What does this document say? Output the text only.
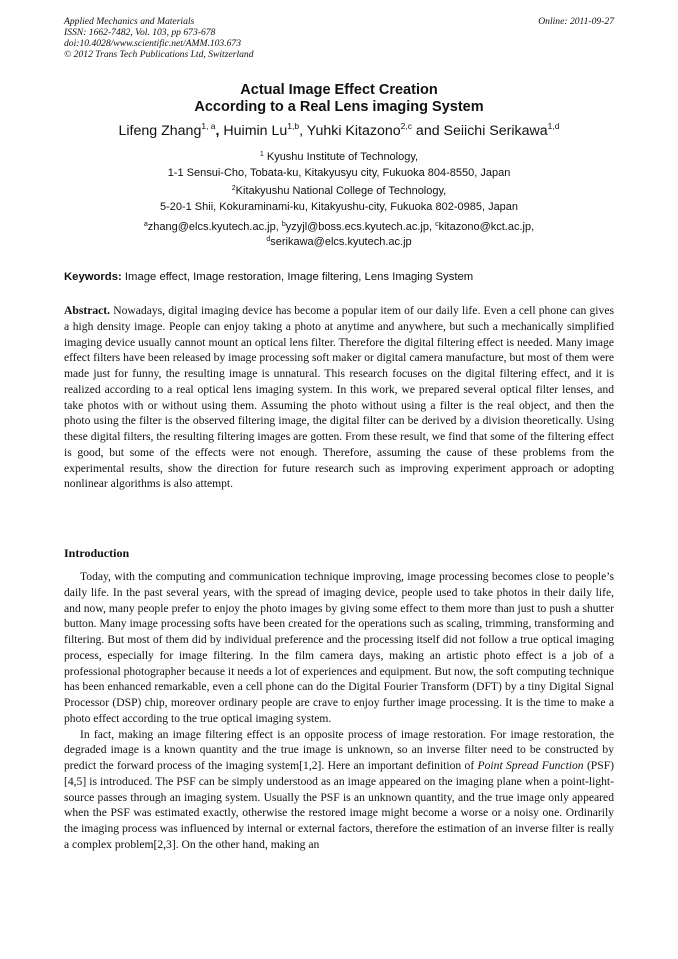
Applied Mechanics and Materials
ISSN: 1662-7482, Vol. 103, pp 673-678
doi:10.4028/www.scientific.net/AMM.103.673
© 2012 Trans Tech Publications Ltd, Switzerland
Online: 2011-09-27
Actual Image Effect Creation
According to a Real Lens imaging System
Lifeng Zhang$^{1, a}$, Huimin Lu$^{1,b}$, Yuhki Kitazono$^{2,c}$ and Seiichi Serikawa$^{1,d}$
$^1$ Kyushu Institute of Technology,
1-1 Sensui-Cho, Tobata-ku, Kitakyusyu city, Fukuoka 804-8550, Japan
$^2$Kitakyushu National College of Technology,
5-20-1 Shii, Kokuraminami-ku, Kitakyushu-city, Fukuoka 802-0985, Japan
$^a$zhang@elcs.kyutech.ac.jp, $^b$yzyjl@boss.ecs.kyutech.ac.jp, $^c$kitazono@kct.ac.jp,
$^d$serikawa@elcs.kyutech.ac.jp
Keywords: Image effect, Image restoration, Image filtering, Lens Imaging System

Abstract. Nowadays, digital imaging device has become a popular item of our daily life. Even a cell phone can gives a high density image. People can enjoy taking a photo at anytime and anywhere, but such a mechanically simplified imaging device usually cannot mount an optical lens filter. Therefore the digital filtering effect is needed. Many image effect filters have been released by image processing soft maker or digital camera manufacture, but most of them were made just for funny, the resulting image is unnatural. This research focuses on the digital filtering effect, and it is realized according to a real optical lens imaging system. In this work, we prepared several optical filter lenses, and take photos with or without using them. Assuming the photo without using a filter is the real object, and then the photo using the filter is the observed filtering image, the digital filter can be derived by a division theoretically. Using these digital filters, the resulting filtering images are gotten. From these result, we find that some of the filtering effect is good, but some of the effects were not enough. Therefore, assuming the cause of these problems from the experimental results, show the direction for future research such as improving experiment approach or adopting nonlinear algorithms is also attempt.

Introduction

Today, with the computing and communication technique improving, image processing becomes close to people’s daily life. In the past several years, with the spread of imaging device, people used to take photos in their daily life, and now, many people prefer to enjoy the photo images by giving some effect to them more than just to push a shutter button. Many image processing softs have been created for the operations such as scaling, trimming, transforming and filtering. But most of them did by individual preference and the processing itself did not follow a true optical imaging process, especially for image filtering. In the film camera days, making an artistic photo effect is a job of a professional photographer because it needs a lot of experiences and equipment. But now, the soft computing technique has been enhanced remarkable, even a cell phone can do the Digital Fourier Transform (DFT) by a tiny Digital Signal Processor (DSP) chip, moreover ordinary people are crave to enjoy further image processing. It is the time to make a photo effect according to the true optical imaging system.

In fact, making an image filtering effect is an opposite process of image restoration. For image restoration, the degraded image is a known quantity and the true image is unknown, so an inverse filter need to be constructed by predict the forward process of the imaging system[1,2]. Here an important definition of Point Spread Function (PSF)[4,5] is introduced. The PSF can be simply understood as an image appeared on the imaging plane when a point-light-source passes through an imaging system. Usually the PSF is an unknown quantity, and the true image only appeared when the PSF was estimated exactly, otherwise the restored image might become a worse or a noisy one. Ordinarily the imaging process was influenced by internal or external factors, therefore the estimation of an inverse filter is really a complex problem[2,3]. On the other hand, making an
